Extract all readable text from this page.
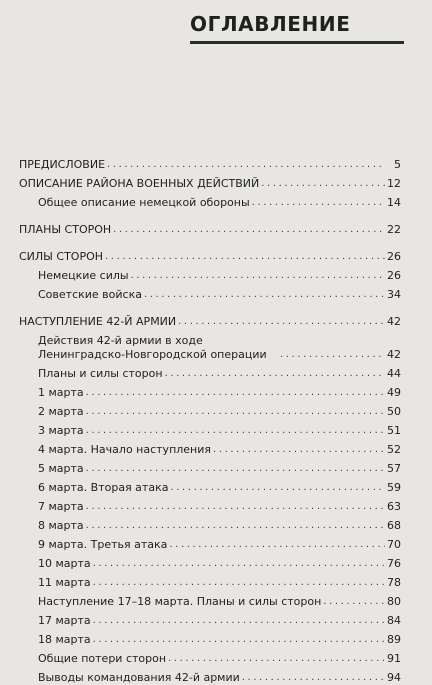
ОГЛАВЛЕНИЕ
ПРЕДИСЛОВИЕ .....	5
ОПИСАНИЕ РАЙОНА ВОЕННЫХ ДЕЙСТВИЙ .....	12
Общее описание немецкой обороны .....	14
ПЛАНЫ СТОРОН .....	22
СИЛЫ СТОРОН .....	26
Немецкие силы .....	26
Советские войска .....	34
НАСТУПЛЕНИЕ 42-Й АРМИИ .....	42
Действия 42-й армии в ходе Ленинградско-Новгородской операции .....	42
Планы и силы сторон .....	44
1 марта .....	49
2 марта .....	50
3 марта .....	51
4 марта. Начало наступления .....	52
5 марта .....	57
6 марта. Вторая атака .....	59
7 марта .....	63
8 марта .....	68
9 марта. Третья атака .....	70
10 марта .....	76
11 марта .....	78
Наступление 17–18 марта. Планы и силы сторон .....	80
17 марта .....	84
18 марта .....	89
Общие потери сторон .....	91
Выводы командования 42-й армии .....	94
